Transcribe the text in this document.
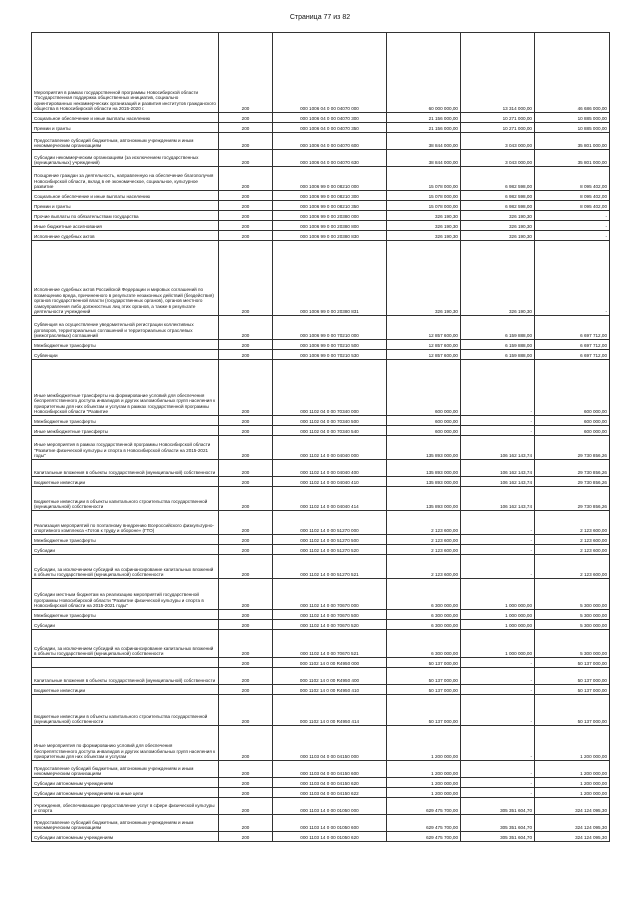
Страница 77 из 82
Мероприятия в рамках государственной программы Новосибирской области "Государственная поддержка общественных инициатив, социально ориентированных некоммерческих организаций и развития институтов гражданского общества в Новосибирской области на 2015-2020 г.	200	000 1006 04 0 00 04070 000	60 000 000,00	13 314 000,00	46 686 000,00
Социальное обеспечение и иные выплаты населению	200	000 1006 04 0 00 04070 300	21 156 000,00	10 271 000,00	10 885 000,00
Премии и гранты	200	000 1006 04 0 00 04070 350	21 156 000,00	10 271 000,00	10 885 000,00
Предоставление субсидий бюджетным, автономным учреждениям и иным некоммерческим организациям	200	000 1006 04 0 00 04070 600	38 844 000,00	3 043 000,00	35 801 000,00
Субсидии некоммерческим организациям (за исключением государственных (муниципальных) учреждений)	200	000 1006 04 0 00 04070 630	38 844 000,00	3 043 000,00	35 801 000,00
Поощрение граждан за деятельность, направленную на обеспечение благополучия Новосибирской области, вклад в её экономическое, социальное, культурное развитие	200	000 1006 99 0 00 08210 000	15 078 000,00	6 982 598,00	8 095 402,00
Социальное обеспечение и иные выплаты населению	200	000 1006 99 0 00 08210 300	15 078 000,00	6 982 598,00	8 095 402,00
Премии и гранты	200	000 1006 99 0 00 08210 350	15 078 000,00	6 982 598,00	8 095 402,00
Прочие выплаты по обязательствам государства	200	000 1006 99 0 00 20380 000	326 190,30	326 190,30	-
Иные бюджетные ассигнования	200	000 1006 99 0 00 20380 800	326 190,30	326 190,30	-
Исполнение судебных актов	200	000 1006 99 0 00 20380 830	326 190,30	326 190,30	-
Исполнение судебных актов Российской Федерации и мировых соглашений по возмещению вреда, причиненного в результате незаконных действий (бездействия) органов государственной власти (государственных органов), органов местного самоуправления либо должностных лиц этих органов, а также в результате деятельности учреждений	200	000 1006 99 0 00 20380 831	326 190,30	326 190,30	-
Субвенция на осуществление уведомительной регистрации коллективных договоров, территориальных соглашений и территориальных отраслевых (межотраслевых) соглашений	200	000 1006 99 0 00 70210 000	12 857 600,00	6 159 888,00	6 697 712,00
Межбюджетные трансферты	200	000 1006 99 0 00 70210 500	12 857 600,00	6 159 888,00	6 697 712,00
Субвенции	200	000 1006 99 0 00 70210 530	12 857 600,00	6 159 888,00	6 697 712,00
Иные межбюджетные трансферты на формирование условий для обеспечения беспрепятственного доступа инвалидов и других маломобильных групп населения к приоритетным для них объектам и услугам в рамках государственной программы Новосибирской области "Развитие	200	000 1102 04 0 00 70340 000	600 000,00	-	600 000,00
Межбюджетные трансферты	200	000 1102 04 0 00 70340 500	600 000,00	-	600 000,00
Иные межбюджетные трансферты	200	000 1102 04 0 00 70340 540	600 000,00	-	600 000,00
Иные мероприятия в рамках государственной программы Новосибирской области "Развитие физической культуры и спорта в Новосибирской области на 2015-2021 годы"	200	000 1102 14 0 00 04040 000	135 893 000,00	106 162 143,74	29 730 856,26
Капитальные вложения в объекты государственной (муниципальной) собственности	200	000 1102 14 0 00 04040 400	135 893 000,00	106 162 143,74	29 730 856,26
Бюджетные инвестиции	200	000 1102 14 0 00 04040 410	135 893 000,00	106 162 143,74	29 730 856,26
Бюджетные инвестиции в объекты капитального строительства государственной (муниципальной) собственности	200	000 1102 14 0 00 04040 414	135 893 000,00	106 162 143,74	29 730 856,26
Реализация мероприятий по поэтапному внедрению Всероссийского физкультурно-спортивного комплекса «Готов к труду и обороне» (ГТО)	200	000 1102 14 0 00 51270 000	2 123 600,00	-	2 123 600,00
Межбюджетные трансферты	200	000 1102 14 0 00 51270 500	2 123 600,00	-	2 123 600,00
Субсидии	200	000 1102 14 0 00 51270 520	2 123 600,00	-	2 123 600,00
Субсидии, за исключением субсидий на софинансирование капитальных вложений в объекты государственной (муниципальной) собственности	200	000 1102 14 0 00 51270 521	2 123 600,00	-	2 123 600,00
Субсидии местным бюджетам на реализацию мероприятий государственной программы Новосибирской области "Развитие физической культуры и спорта в Новосибирской области на 2015-2021 годы"	200	000 1102 14 0 00 70670 000	6 300 000,00	1 000 000,00	5 300 000,00
Межбюджетные трансферты	200	000 1102 14 0 00 70670 500	6 300 000,00	1 000 000,00	5 300 000,00
Субсидии	200	000 1102 14 0 00 70670 520	6 300 000,00	1 000 000,00	5 300 000,00
Субсидии, за исключением субсидий на софинансирование капитальных вложений в объекты государственной (муниципальной) собственности	200	000 1102 14 0 00 70670 521	6 300 000,00	1 000 000,00	5 300 000,00
	200	000 1102 14 0 00 R4950 000	50 137 000,00	-	50 137 000,00
Капитальные вложения в объекты государственной (муниципальной) собственности	200	000 1102 14 0 00 R4950 400	50 137 000,00	-	50 137 000,00
Бюджетные инвестиции	200	000 1102 14 0 00 R4950 410	50 137 000,00	-	50 137 000,00
Бюджетные инвестиции в объекты капитального строительства государственной (муниципальной) собственности	200	000 1102 14 0 00 R4950 414	50 137 000,00	-	50 137 000,00
Иные мероприятия по формированию условий для обеспечения беспрепятственного доступа инвалидов и других маломобильных групп населения к приоритетным для них объектам и услугам	200	000 1103 04 0 00 04150 000	1 200 000,00	-	1 200 000,00
Предоставление субсидий бюджетным, автономным учреждениям и иным некоммерческим организациям	200	000 1103 04 0 00 04150 600	1 200 000,00	-	1 200 000,00
Субсидии автономным учреждениям	200	000 1103 04 0 00 04150 620	1 200 000,00	-	1 200 000,00
Субсидии автономным учреждениям на иные цели	200	000 1103 04 0 00 04150 622	1 200 000,00	-	1 200 000,00
Учреждения, обеспечивающие предоставление услуг в сфере физической культуры и спорта	200	000 1103 14 0 00 01050 000	629 475 700,00	305 351 604,70	324 124 095,30
Предоставление субсидий бюджетным, автономным учреждениям и иным некоммерческим организациям	200	000 1103 14 0 00 01050 600	629 475 700,00	305 351 604,70	324 124 095,30
Субсидии автономным учреждениям	200	000 1103 14 0 00 01050 620	629 475 700,00	305 351 604,70	324 124 095,30
